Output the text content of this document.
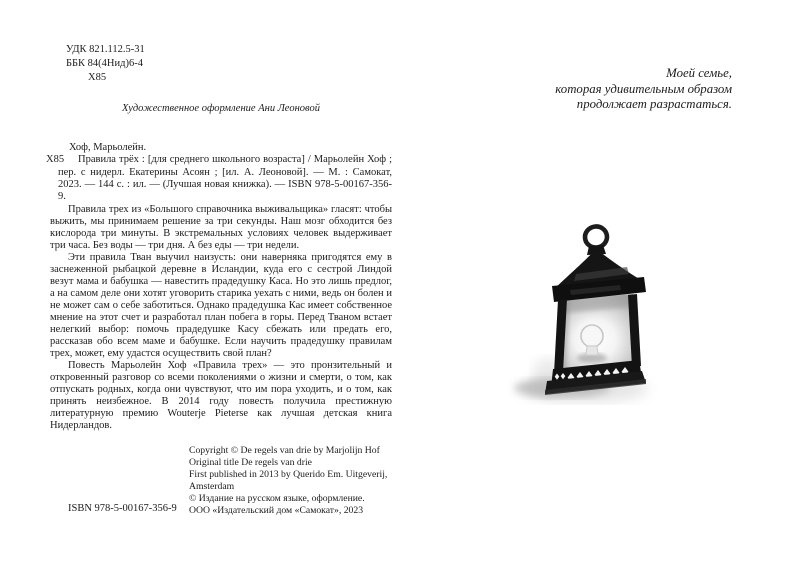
УДК 821.112.5-31
ББК 84(4Нид)6-4
Х85
Художественное оформление Ани Леоновой
Хоф, Марьолейн.
Х85	Правила трёх : [для среднего школьного возраста] / Марьолейн Хоф ; пер. с нидерл. Екатерины Асоян ; [ил. А. Леоновой]. — М. : Самокат, 2023. — 144 с. : ил. — (Лучшая новая книжка). — ISBN 978-5-00167-356-9.

Правила трех из «Большого справочника выживальщика» гласят: чтобы выжить, мы принимаем решение за три секунды. Наш мозг обходится без кислорода три минуты. В экстремальных условиях человек выдерживает три часа. Без воды — три дня. А без еды — три недели.

Эти правила Тван выучил наизусть: они наверняка пригодятся ему в заснеженной рыбацкой деревне в Исландии, куда его с сестрой Линдой везут мама и бабушка — навестить прадедушку Каса. Но это лишь предлог, а на самом деле они хотят уговорить старика уехать с ними, ведь он болен и не может сам о себе заботиться. Однако прадедушка Кас имеет собственное мнение на этот счет и разработал план побега в горы. Перед Тваном встает нелегкий выбор: помочь прадедушке Касу сбежать или предать его, рассказав обо всем маме и бабушке. Если научить прадедушку правилам трех, может, ему удастся осуществить свой план?

Повесть Марьолейн Хоф «Правила трех» — это пронзительный и откровенный разговор со всеми поколениями о жизни и смерти, о том, как отпускать родных, когда они чувствуют, что им пора уходить, и о том, как принять неизбежное. В 2014 году повесть получила престижную литературную премию Wouterje Pieterse как лучшая детская книга Нидерландов.

ISBN 978-5-00167-356-9
Copyright © De regels van drie by Marjolijn Hof
Original title De regels van drie
First published in 2013 by Querido Em. Uitgeverij,
Amsterdam
© Издание на русском языке, оформление.
ООО «Издательский дом «Самокат», 2023
Моей семье,
которая удивительным образом
продолжает разрастаться.
